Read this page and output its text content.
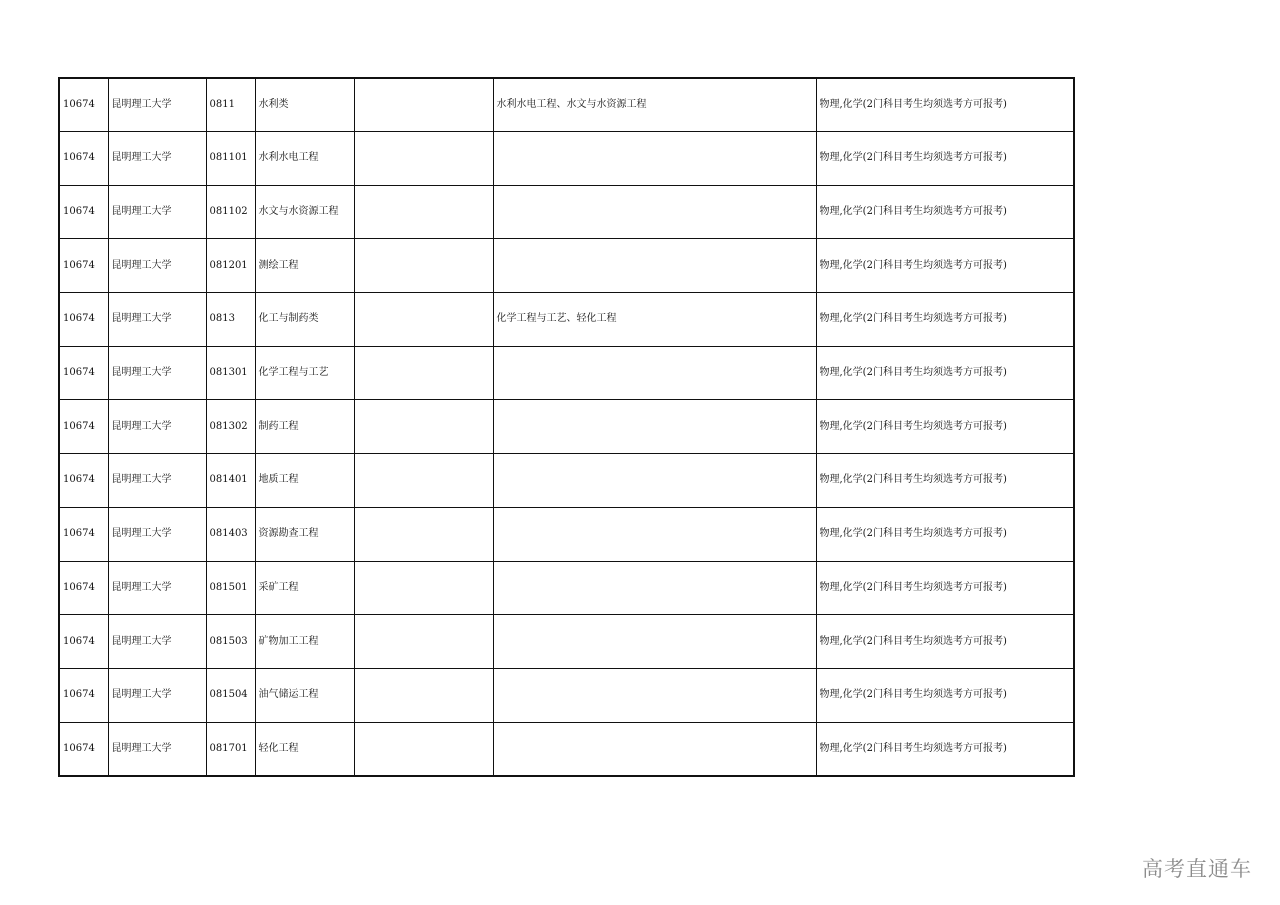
10674	昆明理工大学	0811	水利类		水利水电工程、水文与水资源工程	物理,化学(2门科目考生均须选考方可报考)
10674	昆明理工大学	081101	水利水电工程			物理,化学(2门科目考生均须选考方可报考)
10674	昆明理工大学	081102	水文与水资源工程			物理,化学(2门科目考生均须选考方可报考)
10674	昆明理工大学	081201	测绘工程			物理,化学(2门科目考生均须选考方可报考)
10674	昆明理工大学	0813	化工与制药类		化学工程与工艺、轻化工程	物理,化学(2门科目考生均须选考方可报考)
10674	昆明理工大学	081301	化学工程与工艺			物理,化学(2门科目考生均须选考方可报考)
10674	昆明理工大学	081302	制药工程			物理,化学(2门科目考生均须选考方可报考)
10674	昆明理工大学	081401	地质工程			物理,化学(2门科目考生均须选考方可报考)
10674	昆明理工大学	081403	资源勘查工程			物理,化学(2门科目考生均须选考方可报考)
10674	昆明理工大学	081501	采矿工程			物理,化学(2门科目考生均须选考方可报考)
10674	昆明理工大学	081503	矿物加工工程			物理,化学(2门科目考生均须选考方可报考)
10674	昆明理工大学	081504	油气储运工程			物理,化学(2门科目考生均须选考方可报考)
10674	昆明理工大学	081701	轻化工程			物理,化学(2门科目考生均须选考方可报考)
高考直通车
